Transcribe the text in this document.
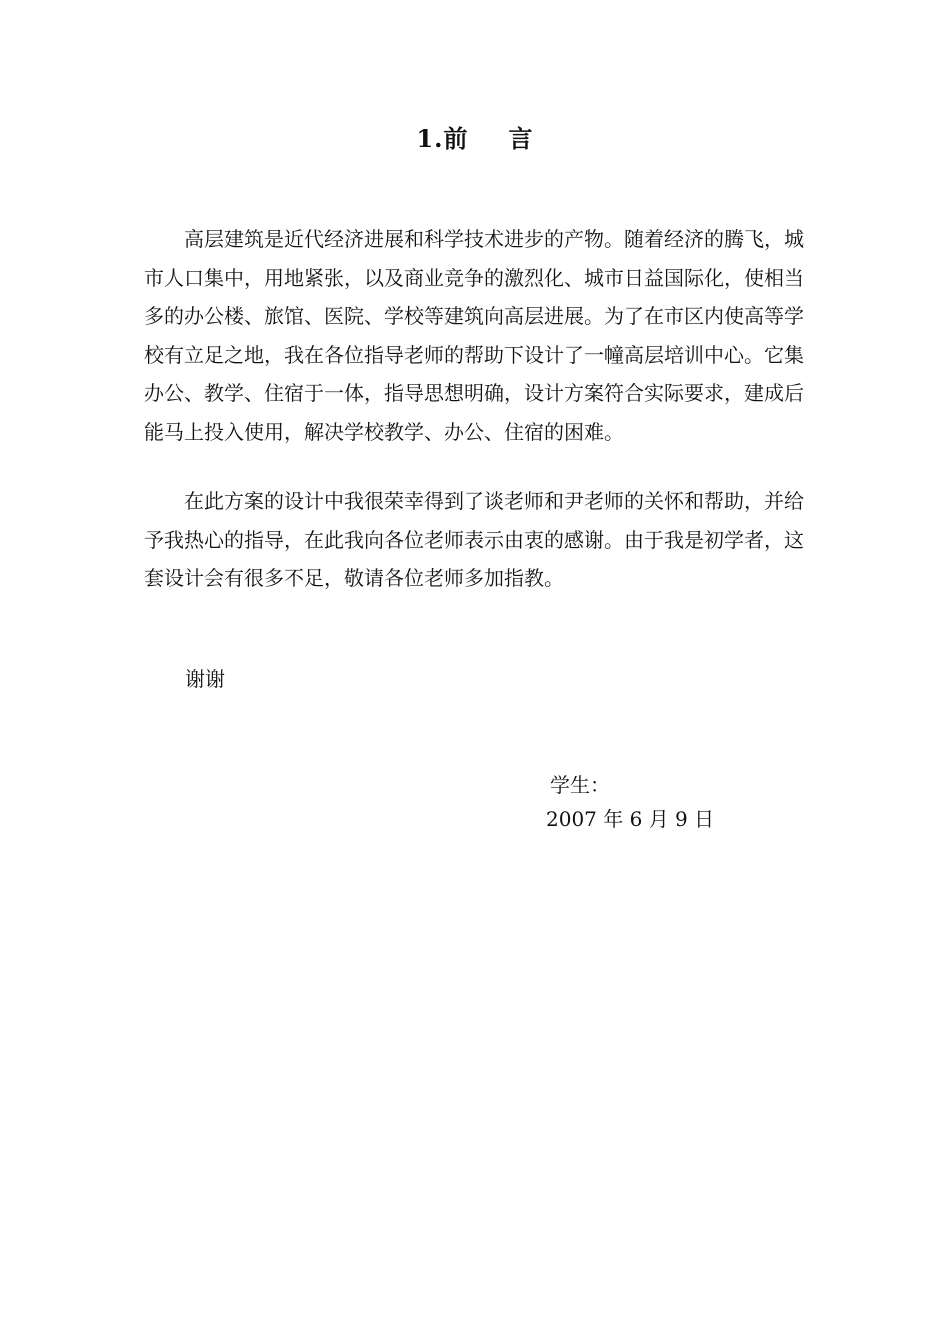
1.前 言

高层建筑是近代经济进展和科学技术进步的产物。随着经济的腾飞，城市人口集中，用地紧张，以及商业竞争的激烈化、城市日益国际化，使相当多的办公楼、旅馆、医院、学校等建筑向高层进展。为了在市区内使高等学校有立足之地，我在各位指导老师的帮助下设计了一幢高层培训中心。它集办公、教学、住宿于一体，指导思想明确，设计方案符合实际要求，建成后能马上投入使用，解决学校教学、办公、住宿的困难。

在此方案的设计中我很荣幸得到了谈老师和尹老师的关怀和帮助，并给予我热心的指导，在此我向各位老师表示由衷的感谢。由于我是初学者，这套设计会有很多不足，敬请各位老师多加指教。

谢谢
学生：
2007 年 6 月 9 日
